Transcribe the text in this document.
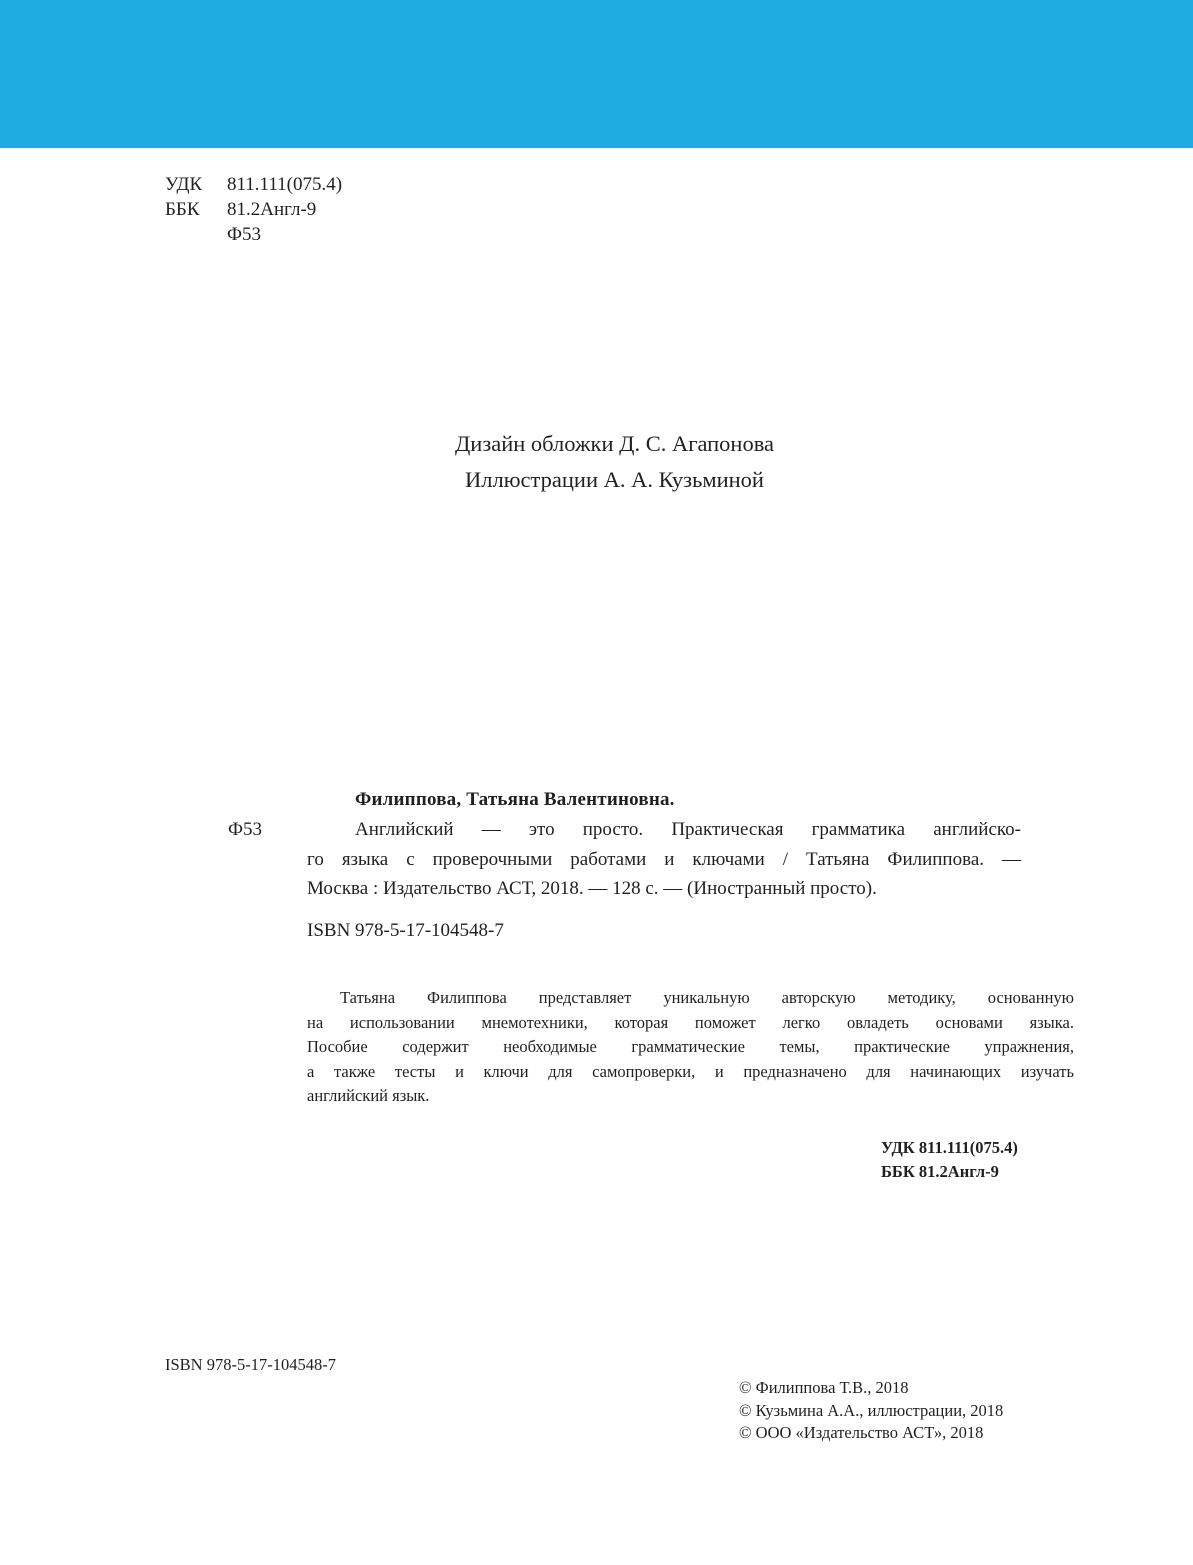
УДК	811.111(075.4)
ББК	81.2Англ-9
Ф53
Дизайн обложки Д. С. Агапонова
Иллюстрации А. А. Кузьминой
Филиппова, Татьяна Валентиновна.
Ф53	Английский — это просто. Практическая грамматика английско-
го языка с проверочными работами и ключами / Татьяна Филиппова. —
Москва : Издательство АСТ, 2018. — 128 с. — (Иностранный просто).
ISBN 978-5-17-104548-7
Татьяна Филиппова представляет уникальную авторскую методику, основанную
на использовании мнемотехники, которая поможет легко овладеть основами языка.
Пособие содержит необходимые грамматические темы, практические упражнения,
а также тесты и ключи для самопроверки, и предназначено для начинающих изучать
английский язык.
УДК 811.111(075.4)
ББК 81.2Англ-9
ISBN 978-5-17-104548-7
© Филиппова Т.В., 2018
© Кузьмина А.А., иллюстрации, 2018
© ООО «Издательство АСТ», 2018
